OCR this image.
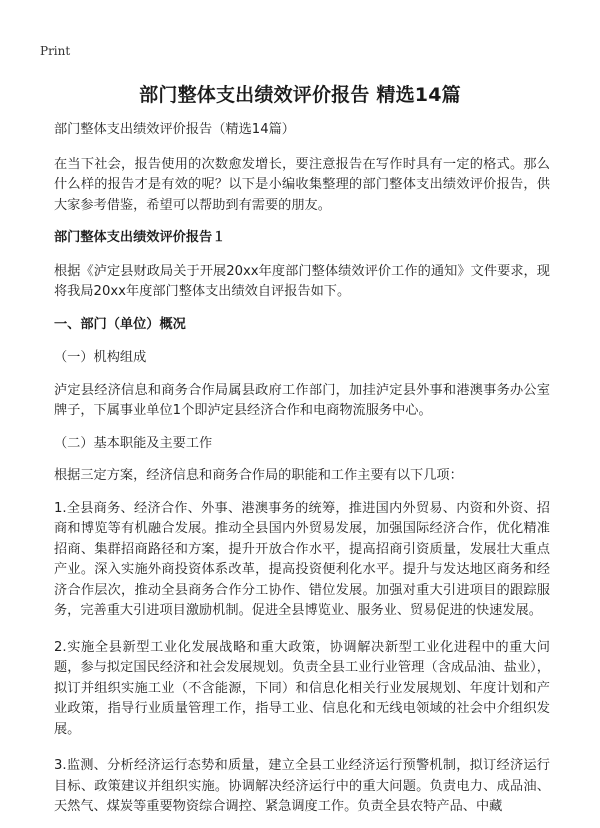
Print
部门整体支出绩效评价报告 精选14篇

部门整体支出绩效评价报告（精选14篇）

在当下社会，报告使用的次数愈发增长，要注意报告在写作时具有一定的格式。那么什么样的报告才是有效的呢？以下是小编收集整理的部门整体支出绩效评价报告，供大家参考借鉴，希望可以帮助到有需要的朋友。

部门整体支出绩效评价报告１

根据《泸定县财政局关于开展20xx年度部门整体绩效评价工作的通知》文件要求，现将我局20xx年度部门整体支出绩效自评报告如下。

一、部门（单位）概况

（一）机构组成

泸定县经济信息和商务合作局属县政府工作部门，加挂泸定县外事和港澳事务办公室牌子，下属事业单位1个即泸定县经济合作和电商物流服务中心。

（二）基本职能及主要工作

根据三定方案，经济信息和商务合作局的职能和工作主要有以下几项：

1.全县商务、经济合作、外事、港澳事务的统筹，推进国内外贸易、内资和外资、招商和博览等有机融合发展。推动全县国内外贸易发展，加强国际经济合作，优化精准招商、集群招商路径和方案，提升开放合作水平，提高招商引资质量，发展壮大重点产业。深入实施外商投资体系改革，提高投资便利化水平。提升与发达地区商务和经济合作层次，推动全县商务合作分工协作、错位发展。加强对重大引进项目的跟踪服务，完善重大引进项目激励机制。促进全县博览业、服务业、贸易促进的快速发展。

2.实施全县新型工业化发展战略和重大政策，协调解决新型工业化进程中的重大问题，参与拟定国民经济和社会发展规划。负责全县工业行业管理（含成品油、盐业），拟订并组织实施工业（不含能源，下同）和信息化相关行业发展规划、年度计划和产业政策，指导行业质量管理工作，指导工业、信息化和无线电领域的社会中介组织发展。

3.监测、分析经济运行态势和质量，建立全县工业经济运行预警机制，拟订经济运行目标、政策建议并组织实施。协调解决经济运行中的重大问题。负责电力、成品油、天然气、煤炭等重要物资综合调控、紧急调度工作。负责全县农特产品、中藏
